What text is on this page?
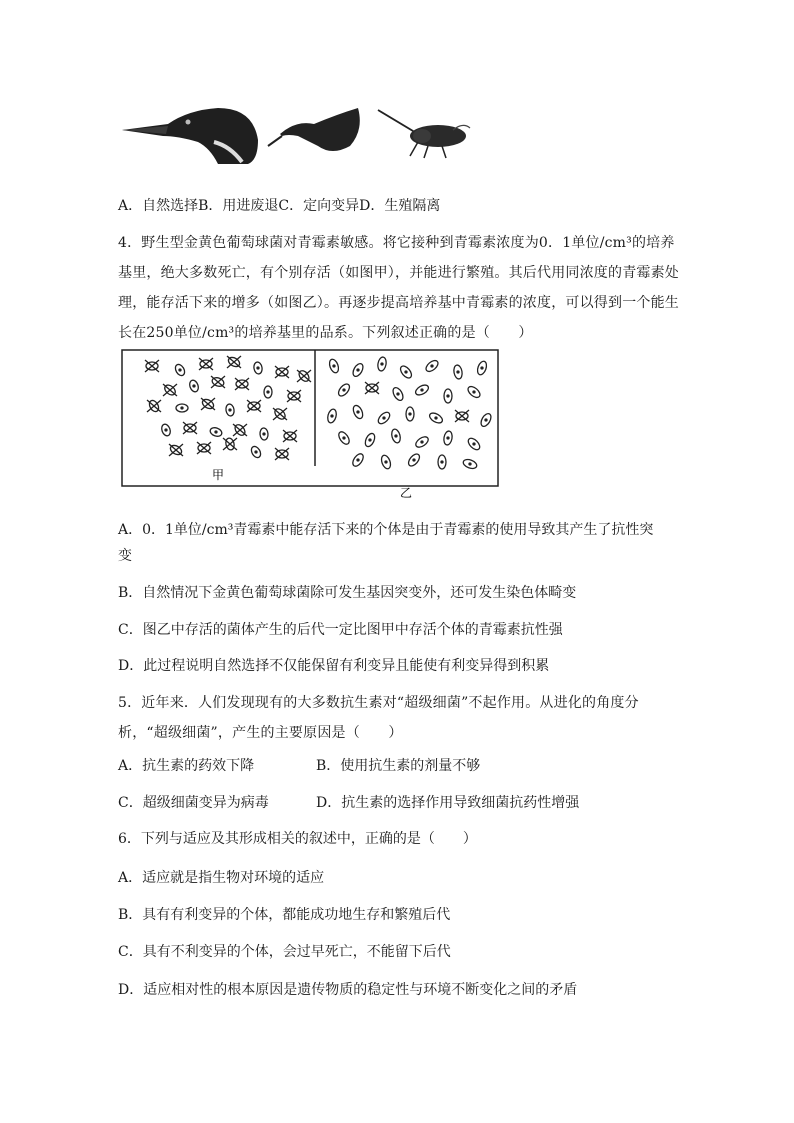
A．自然选择B．用进废退C．定向变异D．生殖隔离
4．野生型金黄色葡萄球菌对青霉素敏感。将它接种到青霉素浓度为0．1单位/cm³的培养基里，绝大多数死亡，有个别存活（如图甲），并能进行繁殖。其后代用同浓度的青霉素处理，能存活下来的增多（如图乙）。再逐步提高培养基中青霉素的浓度，可以得到一个能生长在250单位/cm³的培养基里的品系。下列叙述正确的是（　　）
甲
乙
A．0．1单位/cm³青霉素中能存活下来的个体是由于青霉素的使用导致其产生了抗性突
变
B．自然情况下金黄色葡萄球菌除可发生基因突变外，还可发生染色体畸变
C．图乙中存活的菌体产生的后代一定比图甲中存活个体的青霉素抗性强
D．此过程说明自然选择不仅能保留有利变异且能使有利变异得到积累
5．近年来．人们发现现有的大多数抗生素对“超级细菌”不起作用。从进化的角度分析，“超级细菌”，产生的主要原因是（　　）
A．抗生素的药效下降	B．使用抗生素的剂量不够
C．超级细菌变异为病毒	D．抗生素的选择作用导致细菌抗药性增强
6．下列与适应及其形成相关的叙述中，正确的是（　　）
A．适应就是指生物对环境的适应
B．具有有利变异的个体，都能成功地生存和繁殖后代
C．具有不利变异的个体，会过早死亡，不能留下后代
D．适应相对性的根本原因是遗传物质的稳定性与环境不断变化之间的矛盾
